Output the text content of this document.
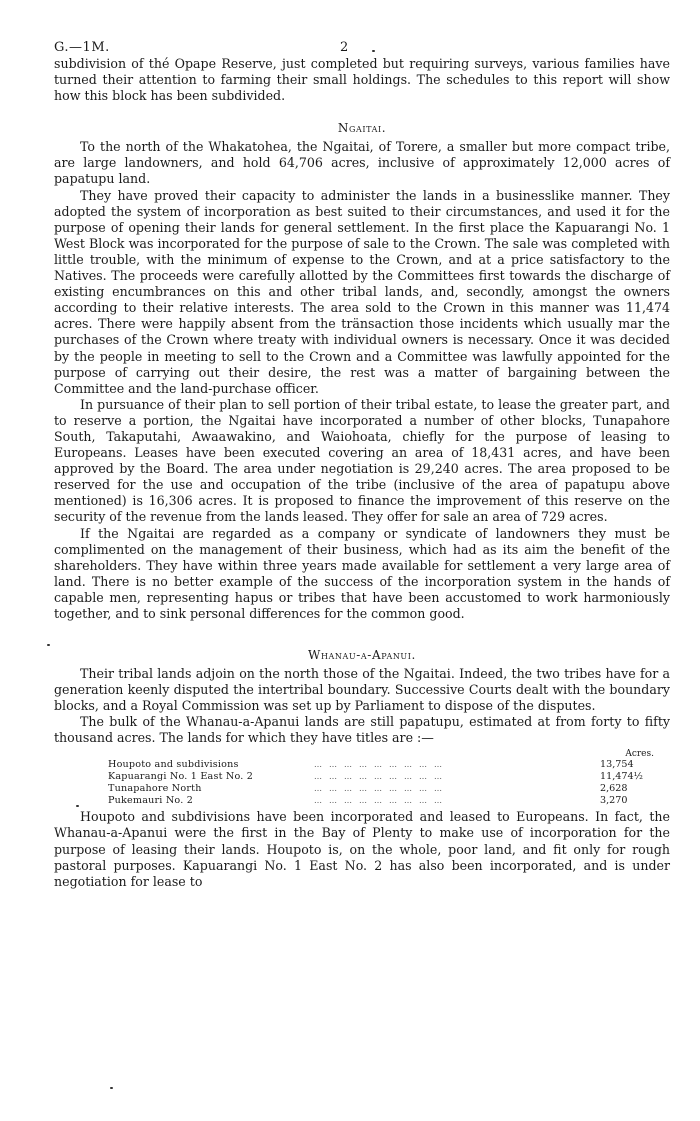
G.—1M.	2

subdivision of thé Opape Reserve, just completed but requiring surveys, various families have turned their attention to farming their small holdings. The schedules to this report will show how this block has been subdivided.

Ngaitai.

To the north of the Whakatohea, the Ngaitai, of Torere, a smaller but more compact tribe, are large landowners, and hold 64,706 acres, inclusive of approximately 12,000 acres of papatupu land.

They have proved their capacity to administer the lands in a businesslike manner. They adopted the system of incorporation as best suited to their circumstances, and used it for the purpose of opening their lands for general settlement. In the first place the Kapuarangi No. 1 West Block was incorporated for the purpose of sale to the Crown. The sale was completed with little trouble, with the minimum of expense to the Crown, and at a price satisfactory to the Natives. The proceeds were carefully allotted by the Committees first towards the discharge of existing encumbrances on this and other tribal lands, and, secondly, amongst the owners according to their relative interests. The area sold to the Crown in this manner was 11,474 acres. There were happily absent from the tränsaction those incidents which usually mar the purchases of the Crown where treaty with individual owners is necessary. Once it was decided by the people in meeting to sell to the Crown and a Committee was lawfully appointed for the purpose of carrying out their desire, the rest was a matter of bargaining between the Committee and the land-purchase officer.

In pursuance of their plan to sell portion of their tribal estate, to lease the greater part, and to reserve a portion, the Ngaitai have incorporated a number of other blocks, Tunapahore South, Takaputahi, Awaawakino, and Waiohoata, chiefly for the purpose of leasing to Europeans. Leases have been executed covering an area of 18,431 acres, and have been approved by the Board. The area under negotiation is 29,240 acres. The area proposed to be reserved for the use and occupation of the tribe (inclusive of the area of papatupu above mentioned) is 16,306 acres. It is proposed to finance the improvement of this reserve on the security of the revenue from the lands leased. They offer for sale an area of 729 acres.

If the Ngaitai are regarded as a company or syndicate of landowners they must be complimented on the management of their business, which had as its aim the benefit of the shareholders. They have within three years made available for settlement a very large area of land. There is no better example of the success of the incorporation system in the hands of capable men, representing hapus or tribes that have been accustomed to work harmoniously together, and to sink personal differences for the common good.

Whanau-a-Apanui.

Their tribal lands adjoin on the north those of the Ngaitai. Indeed, the two tribes have for a generation keenly disputed the intertribal boundary. Successive Courts dealt with the boundary blocks, and a Royal Commission was set up by Parliament to dispose of the disputes.

The bulk of the Whanau-a-Apanui lands are still papatupu, estimated at from forty to fifty thousand acres. The lands for which they have titles are :—

Acres.
Houpoto and subdivisions	………………………	13,754
Kapuarangi No. 1 East No. 2	………………………	11,474½
Tunapahore North	………………………	2,628
Pukemauri No. 2	………………………	3,270

Houpoto and subdivisions have been incorporated and leased to Europeans. In fact, the Whanau-a-Apanui were the first in the Bay of Plenty to make use of incorporation for the purpose of leasing their lands. Houpoto is, on the whole, poor land, and fit only for rough pastoral purposes. Kapuarangi No. 1 East No. 2 has also been incorporated, and is under negotiation for lease to
